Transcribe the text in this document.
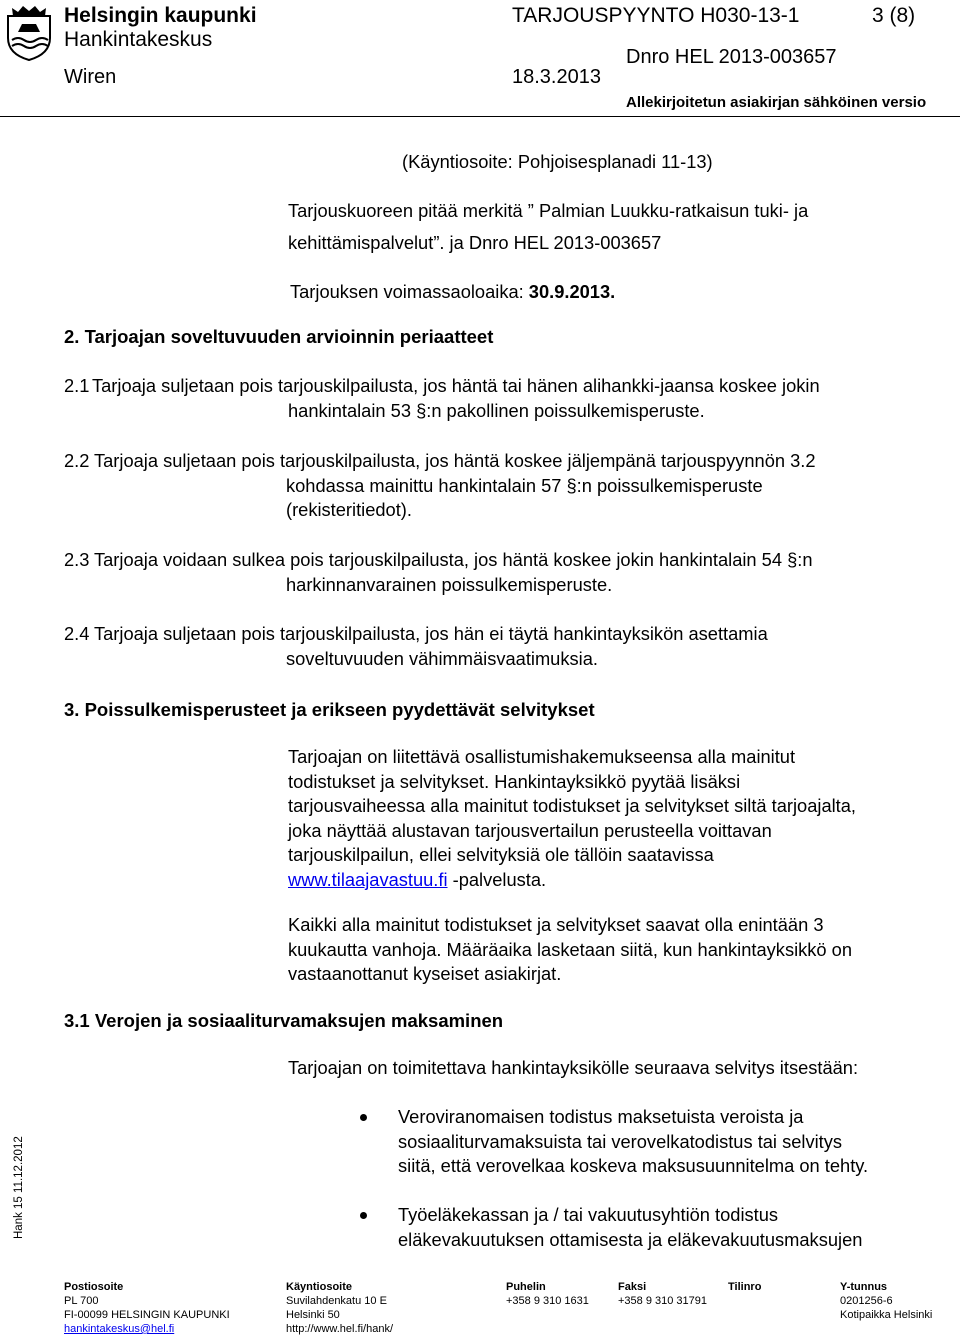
Helsingin kaupunki
Hankintakeskus
TARJOUSPYYNTO H030-13-1	3 (8)
Dnro HEL 2013-003657
Wiren	18.3.2013
Allekirjoitetun asiakirjan sähköinen versio
(Käyntiosoite: Pohjoisesplanadi 11-13)
Tarjouskuoreen pitää merkitä ” Palmian Luukku-ratkaisun tuki- ja
kehittämispalvelut”. ja Dnro HEL 2013-003657
Tarjouksen voimassaoloaika: 30.9.2013.
2. Tarjoajan soveltuvuuden arvioinnin periaatteet
2.1 Tarjoaja suljetaan pois tarjouskilpailusta, jos häntä tai hänen alihankki-jaansa koskee jokin
hankintalain 53 §:n pakollinen poissulkemisperuste.
2.2 Tarjoaja suljetaan pois tarjouskilpailusta, jos häntä koskee jäljempänä tarjouspyynnön 3.2
kohdassa mainittu hankintalain 57 §:n poissulkemisperuste
(rekisteritiedot).
2.3 Tarjoaja voidaan sulkea pois tarjouskilpailusta, jos häntä koskee jokin hankintalain 54 §:n
harkinnanvarainen poissulkemisperuste.
2.4 Tarjoaja suljetaan pois tarjouskilpailusta, jos hän ei täytä hankintayksikön asettamia
soveltuvuuden vähimmäisvaatimuksia.
3. Poissulkemisperusteet ja erikseen pyydettävät selvitykset
Tarjoajan on liitettävä osallistumishakemukseensa alla mainitut
todistukset ja selvitykset. Hankintayksikkö pyytää lisäksi
tarjousvaiheessa alla mainitut todistukset ja selvitykset siltä tarjoajalta,
joka näyttää alustavan tarjousvertailun perusteella voittavan
tarjouskilpailun, ellei selvityksiä ole tällöin saatavissa
www.tilaajavastuu.fi -palvelusta.
Kaikki alla mainitut todistukset ja selvitykset saavat olla enintään 3
kuukautta vanhoja. Määräaika lasketaan siitä, kun hankintayksikkö on
vastaanottanut kyseiset asiakirjat.
3.1 Verojen ja sosiaaliturvamaksujen maksaminen
Tarjoajan on toimitettava hankintayksikölle seuraava selvitys itsestään:
Veroviranomaisen todistus maksetuista veroista ja
sosiaaliturvamaksuista tai verovelkatodistus tai selvitys
siitä, että verovelkaa koskeva maksusuunnitelma on tehty.
Työeläkekassan ja / tai vakuutusyhtiön todistus
eläkevakuutuksen ottamisesta ja eläkevakuutusmaksujen
Hank 15 11.12.2012
Postiosoite
PL 700
FI-00099 HELSINGIN KAUPUNKI
hankintakeskus@hel.fi
Käyntiosoite
Suvilahdenkatu 10 E
Helsinki 50
http://www.hel.fi/hank/
Puhelin
+358 9 310 1631
Faksi
+358 9 310 31791
Tilinro	Y-tunnus
0201256-6
Kotipaikka Helsinki
